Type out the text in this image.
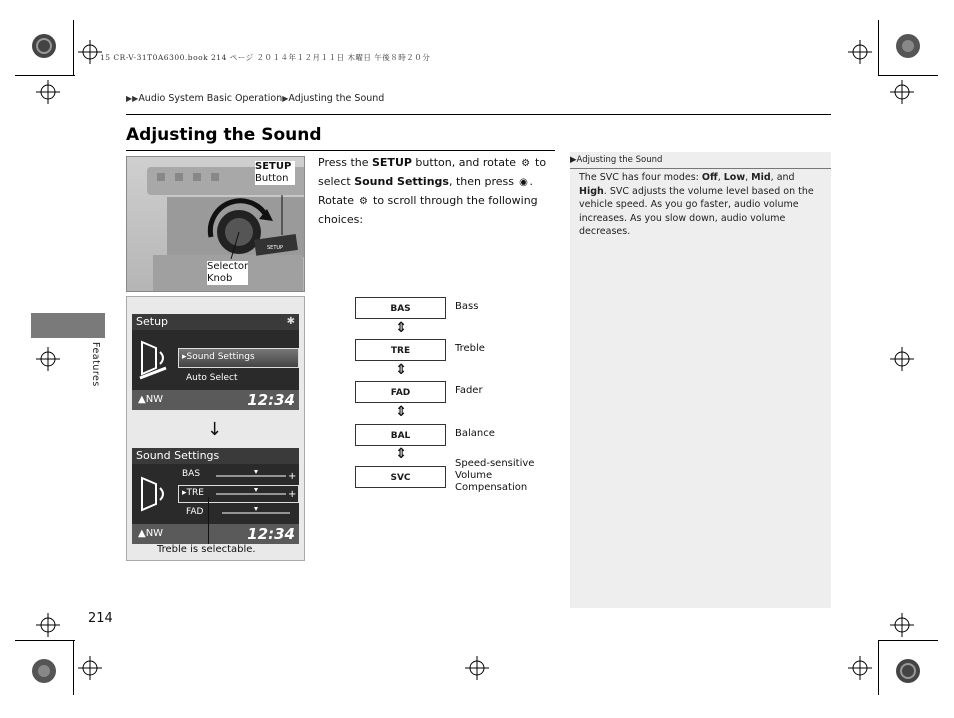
15 CR-V-31T0A6300.book 214 ページ ２０１４年１２月１１日 木曜日 午後８時２０分
▶▶Audio System Basic Operation▶Adjusting the Sound
Adjusting the Sound
Features
SETUP
SETUP
Button
Selector
Knob
Press the SETUP button, and rotate ⚙ to select Sound Settings, then press ◉ . Rotate ⚙ to scroll through the following choices:
Setup	✱
▸Sound Settings
Auto Select
▲NW	12:34
↓
Sound Settings
BAS	+
▸TRE	+
FAD
▲NW	12:34
Treble is selectable.
BAS	Bass
⇕
TRE	Treble
⇕
FAD	Fader
⇕
BAL	Balance
⇕
SVC
Speed-sensitive
Volume
Compensation
▶Adjusting the Sound
The SVC has four modes: Off, Low, Mid, and High. SVC adjusts the volume level based on the vehicle speed. As you go faster, audio volume increases. As you slow down, audio volume decreases.
214
